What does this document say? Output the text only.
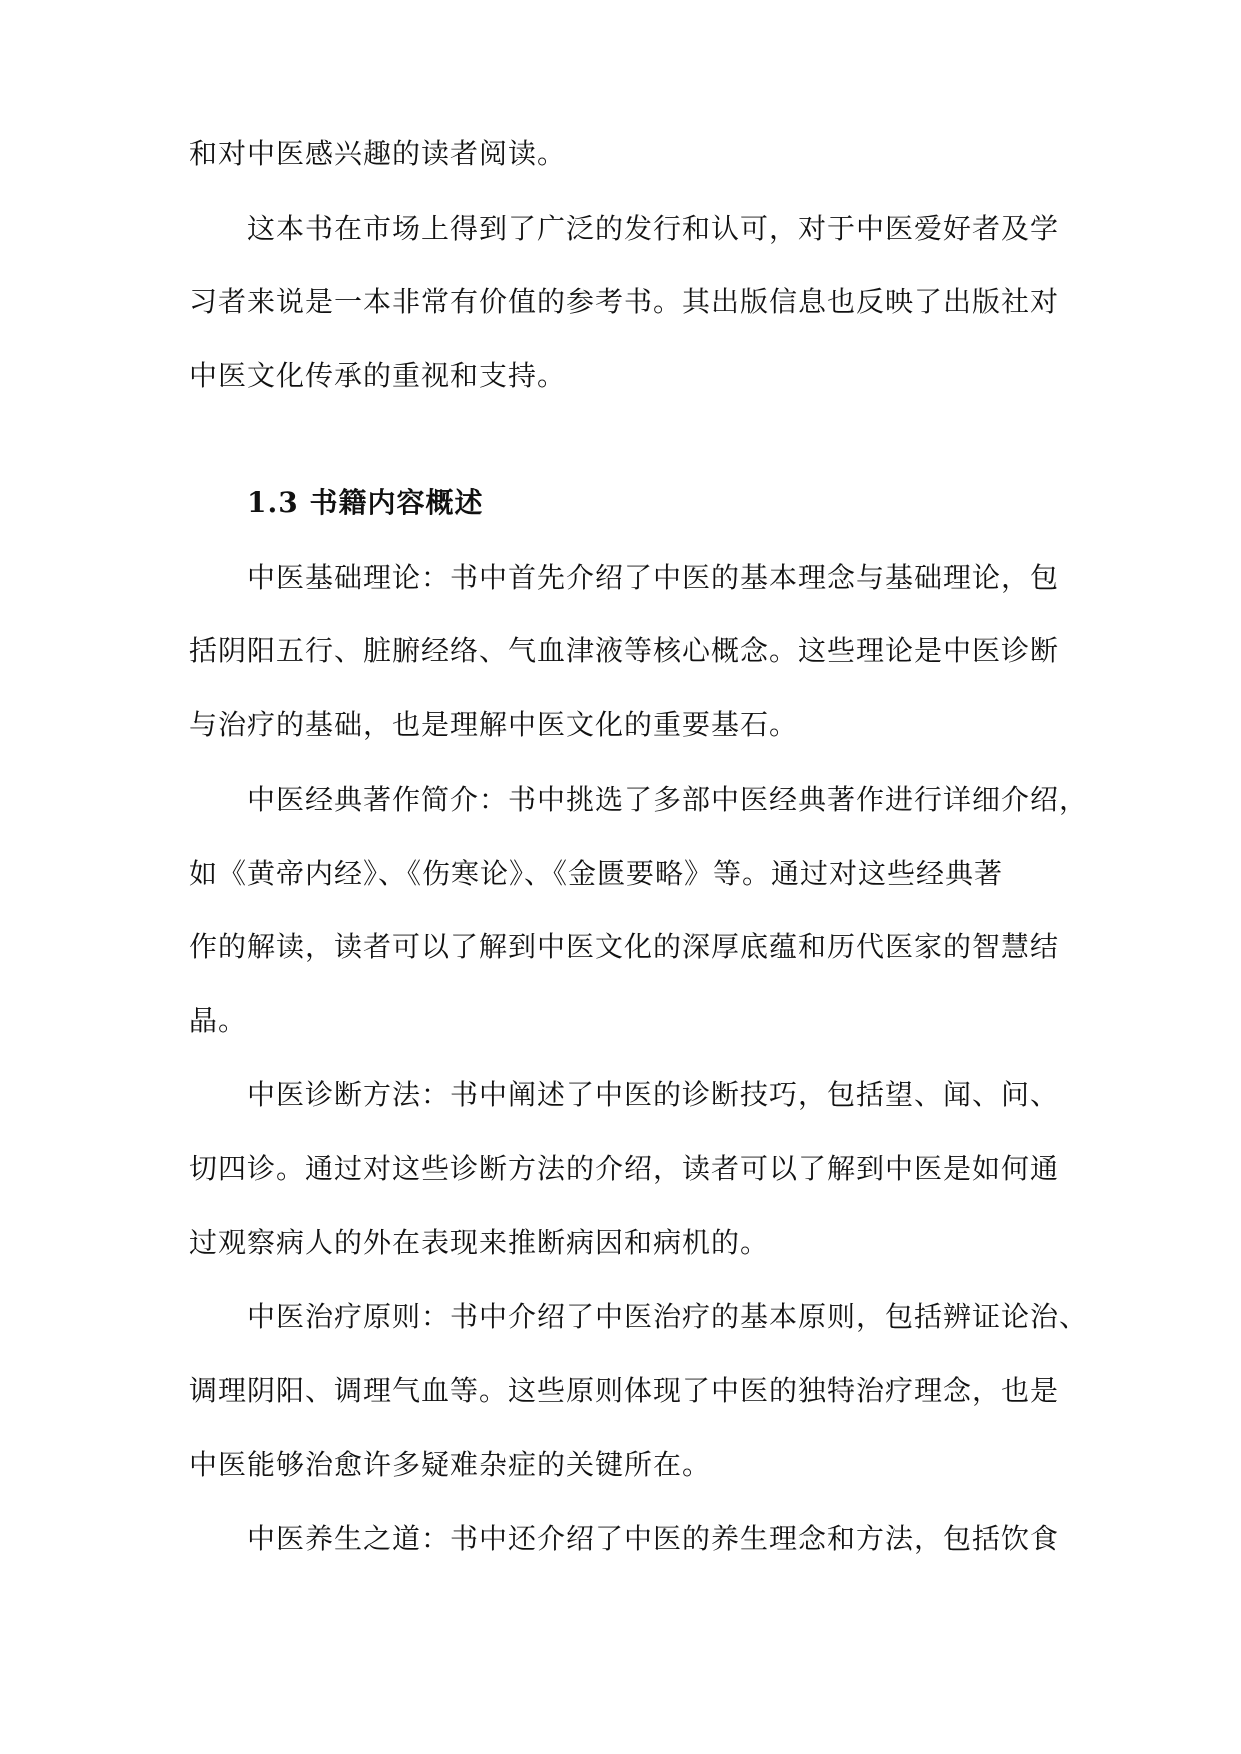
和对中医感兴趣的读者阅读。
这本书在市场上得到了广泛的发行和认可，对于中医爱好者及学
习者来说是一本非常有价值的参考书。其出版信息也反映了出版社对
中医文化传承的重视和支持。
1.3 书籍内容概述
中医基础理论：书中首先介绍了中医的基本理念与基础理论，包
括阴阳五行、脏腑经络、气血津液等核心概念。这些理论是中医诊断
与治疗的基础，也是理解中医文化的重要基石。
中医经典著作简介：书中挑选了多部中医经典著作进行详细介绍，
如《黄帝内经》、《伤寒论》、《金匮要略》等。通过对这些经典著
作的解读，读者可以了解到中医文化的深厚底蕴和历代医家的智慧结
晶。
中医诊断方法：书中阐述了中医的诊断技巧，包括望、闻、问、
切四诊。通过对这些诊断方法的介绍，读者可以了解到中医是如何通
过观察病人的外在表现来推断病因和病机的。
中医治疗原则：书中介绍了中医治疗的基本原则，包括辨证论治、
调理阴阳、调理气血等。这些原则体现了中医的独特治疗理念，也是
中医能够治愈许多疑难杂症的关键所在。
中医养生之道：书中还介绍了中医的养生理念和方法，包括饮食
